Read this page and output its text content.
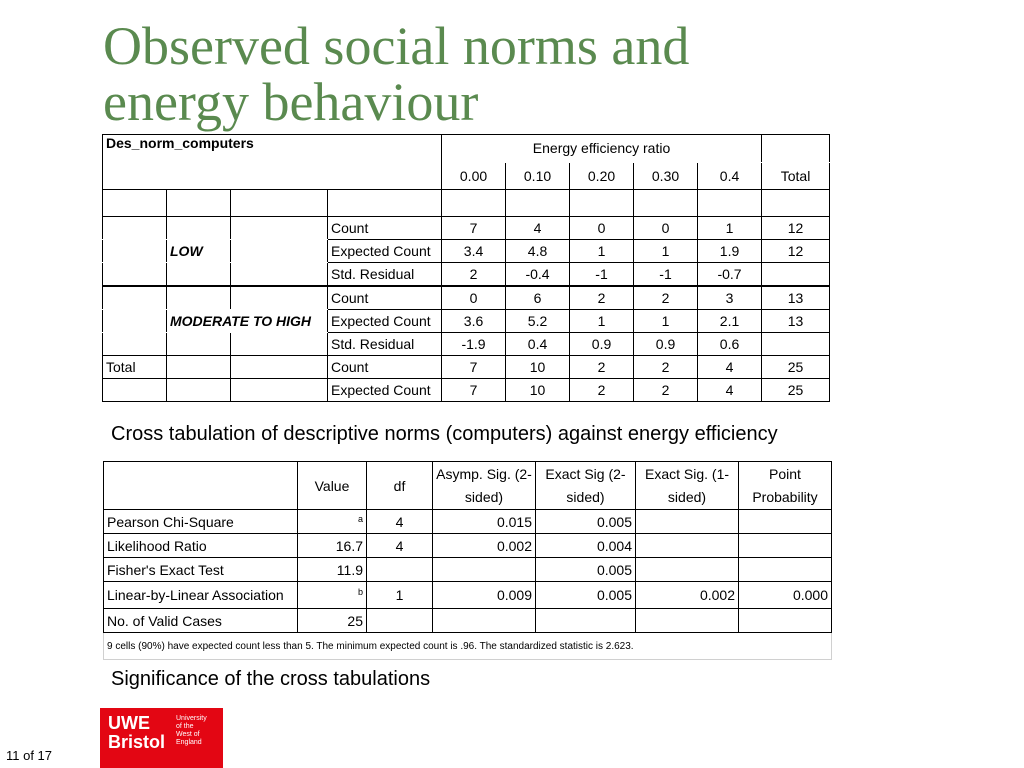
Observed social norms and energy behaviour
Des_norm_computers				Energy efficiency ratio					
				0.00	0.10	0.20	0.30	0.4	Total

			Count	7	4	0	0	1	12
	LOW		Expected Count	3.4	4.8	1	1	1.9	12
			Std. Residual	2	-0.4	-1	-1	-0.7	
			Count	0	6	2	2	3	13
	MODERATE TO HIGH		Expected Count	3.6	5.2	1	1	2.1	13
			Std. Residual	-1.9	0.4	0.9	0.9	0.6	
Total			Count	7	10	2	2	4	25
			Expected Count	7	10	2	2	4	25

Cross tabulation of descriptive norms (computers) against energy efficiency

	Value	df	Asymp. Sig. (2-sided)	Exact Sig (2-sided)	Exact Sig. (1-sided)	Point Probability
Pearson Chi-Square	$^a$	4	0.015	0.005		
Likelihood Ratio	16.7	4	0.002	0.004		
Fisher's Exact Test	11.9			0.005		
Linear-by-Linear Association	$^b$	1	0.009	0.005	0.002	0.000
No. of Valid Cases	25					
9 cells (90%) have expected count less than 5. The minimum expected count is .96. The standardized statistic is 2.623.						

Significance of the cross tabulations

UWE
Bristol
University
of the
West of
England
11 of 17
